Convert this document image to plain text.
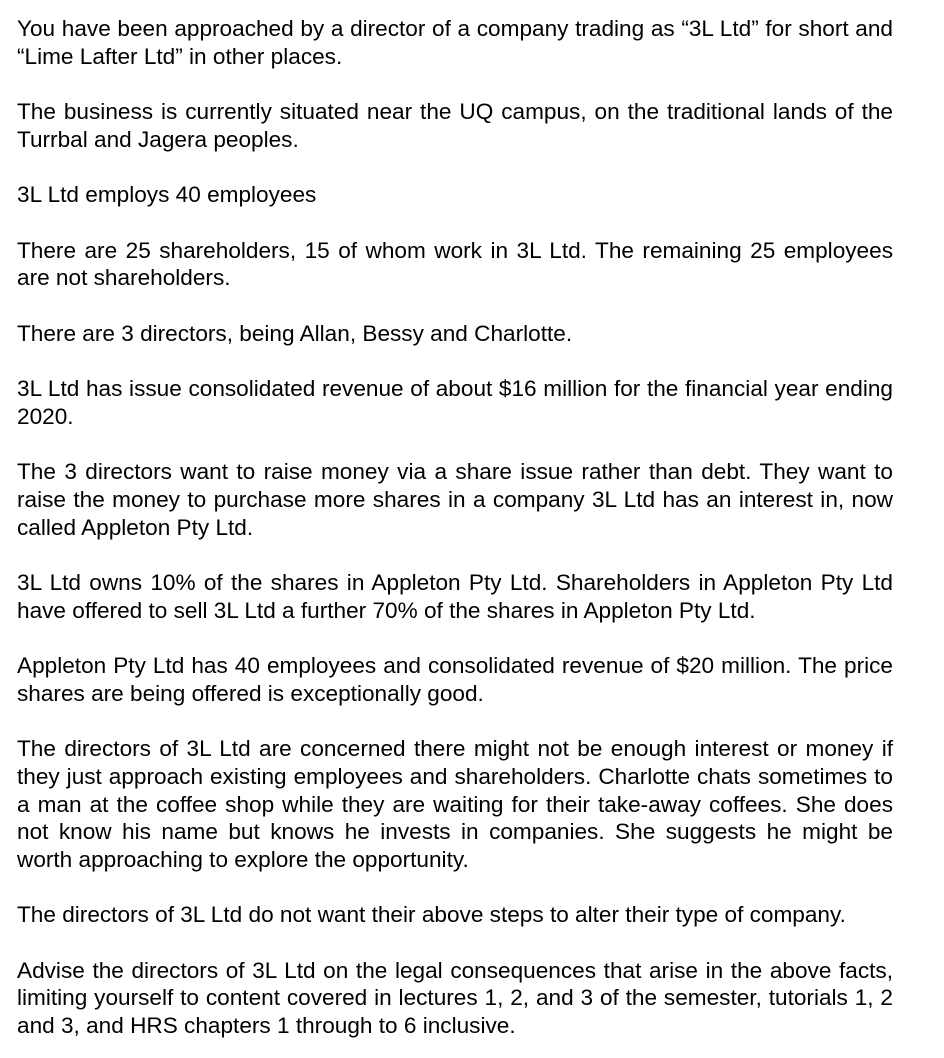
You have been approached by a director of a company trading as “3L Ltd” for short and “Lime Lafter Ltd” in other places.

The business is currently situated near the UQ campus, on the traditional lands of the Turrbal and Jagera peoples.

3L Ltd employs 40 employees

There are 25 shareholders, 15 of whom work in 3L Ltd. The remaining 25 employees are not shareholders.

There are 3 directors, being Allan, Bessy and Charlotte.

3L Ltd has issue consolidated revenue of about $16 million for the financial year ending 2020.

The 3 directors want to raise money via a share issue rather than debt. They want to raise the money to purchase more shares in a company 3L Ltd has an interest in, now called Appleton Pty Ltd.

3L Ltd owns 10% of the shares in Appleton Pty Ltd. Shareholders in Appleton Pty Ltd have offered to sell 3L Ltd a further 70% of the shares in Appleton Pty Ltd.

Appleton Pty Ltd has 40 employees and consolidated revenue of $20 million. The price shares are being offered is exceptionally good.

The directors of 3L Ltd are concerned there might not be enough interest or money if they just approach existing employees and shareholders. Charlotte chats sometimes to a man at the coffee shop while they are waiting for their take-away coffees. She does not know his name but knows he invests in companies. She suggests he might be worth approaching to explore the opportunity.

The directors of 3L Ltd do not want their above steps to alter their type of company.

Advise the directors of 3L Ltd on the legal consequences that arise in the above facts, limiting yourself to content covered in lectures 1, 2, and 3 of the semester, tutorials 1, 2 and 3, and HRS chapters 1 through to 6 inclusive.
